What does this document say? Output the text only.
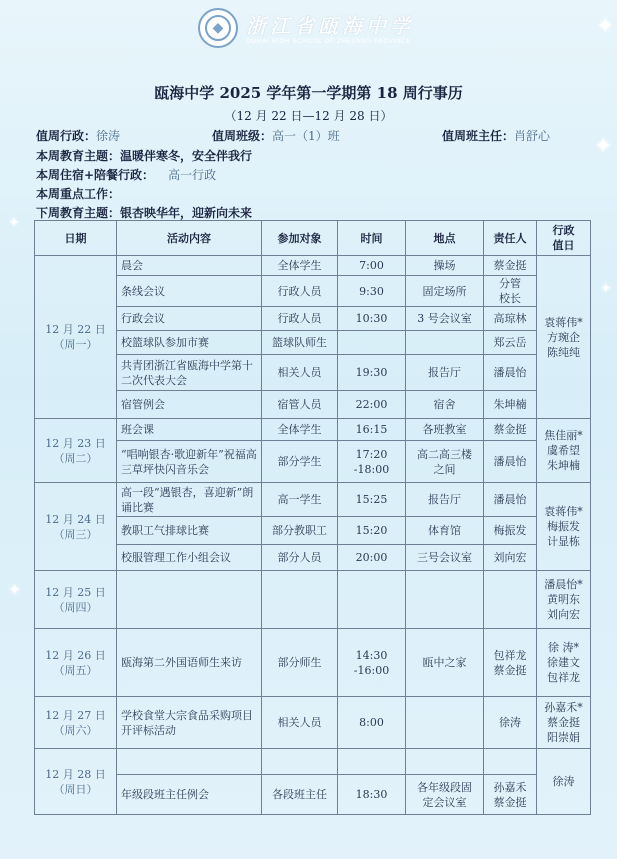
✦
✦
✦
✦
✦
◆	浙江省瓯海中学
OUHAI HIGH SCHOOL OF ZHEJIANG PROVINCE
瓯海中学 2025 学年第一学期第 18 周行事历
（12 月 22 日—12 月 28 日）
值周行政：徐涛	值周班级：高一（1）班	值周班主任：肖舒心
本周教育主题：温暖伴寒冬，安全伴我行
本周住宿+陪餐行政： 高一行政
本周重点工作：
下周教育主题：银杏映华年，迎新向未来
日期	活动内容	参加对象	时间	地点	责任人	行政
值日
12 月 22 日
（周一）	晨会	全体学生	7:00	操场	蔡金挺	袁蒋伟*
方琬企
陈纯纯
	条线会议	行政人员	9:30	固定场所	分管
校长	
	行政会议	行政人员	10:30	3 号会议室	高琼林	
	校篮球队参加市赛	篮球队师生			郑云岳	
	共青团浙江省瓯海中学第十二次代表大会	相关人员	19:30	报告厅	潘晨怡	
	宿管例会	宿管人员	22:00	宿舍	朱坤楠	
12 月 23 日
（周二）	班会课	全体学生	16:15	各班教室	蔡金挺	焦佳丽*
虞希望
朱坤楠
	“唱响银杏·歌迎新年”祝福高三草坪快闪音乐会	部分学生	17:20
-18:00	高二高三楼
之间	潘晨怡	
12 月 24 日
（周三）	高一段“遇银杏，喜迎新”朗诵比赛	高一学生	15:25	报告厅	潘晨怡	袁蒋伟*
梅振发
计显栋
	教职工气排球比赛	部分教职工	15:20	体育馆	梅振发	
	校服管理工作小组会议	部分人员	20:00	三号会议室	刘向宏	
12 月 25 日
（周四）						潘晨怡*
黄明东
刘向宏
12 月 26 日
（周五）	瓯海第二外国语师生来访	部分师生	14:30
-16:00	瓯中之家	包祥龙
蔡金挺	徐 涛*
徐建文
包祥龙
12 月 27 日
（周六）	学校食堂大宗食品采购项目开评标活动	相关人员	8:00		徐涛	孙嘉禾*
蔡金挺
阳崇娟
12 月 28 日
（周日）						徐涛
	年级段班主任例会	各段班主任	18:30	各年级段固
定会议室	孙嘉禾
蔡金挺	
